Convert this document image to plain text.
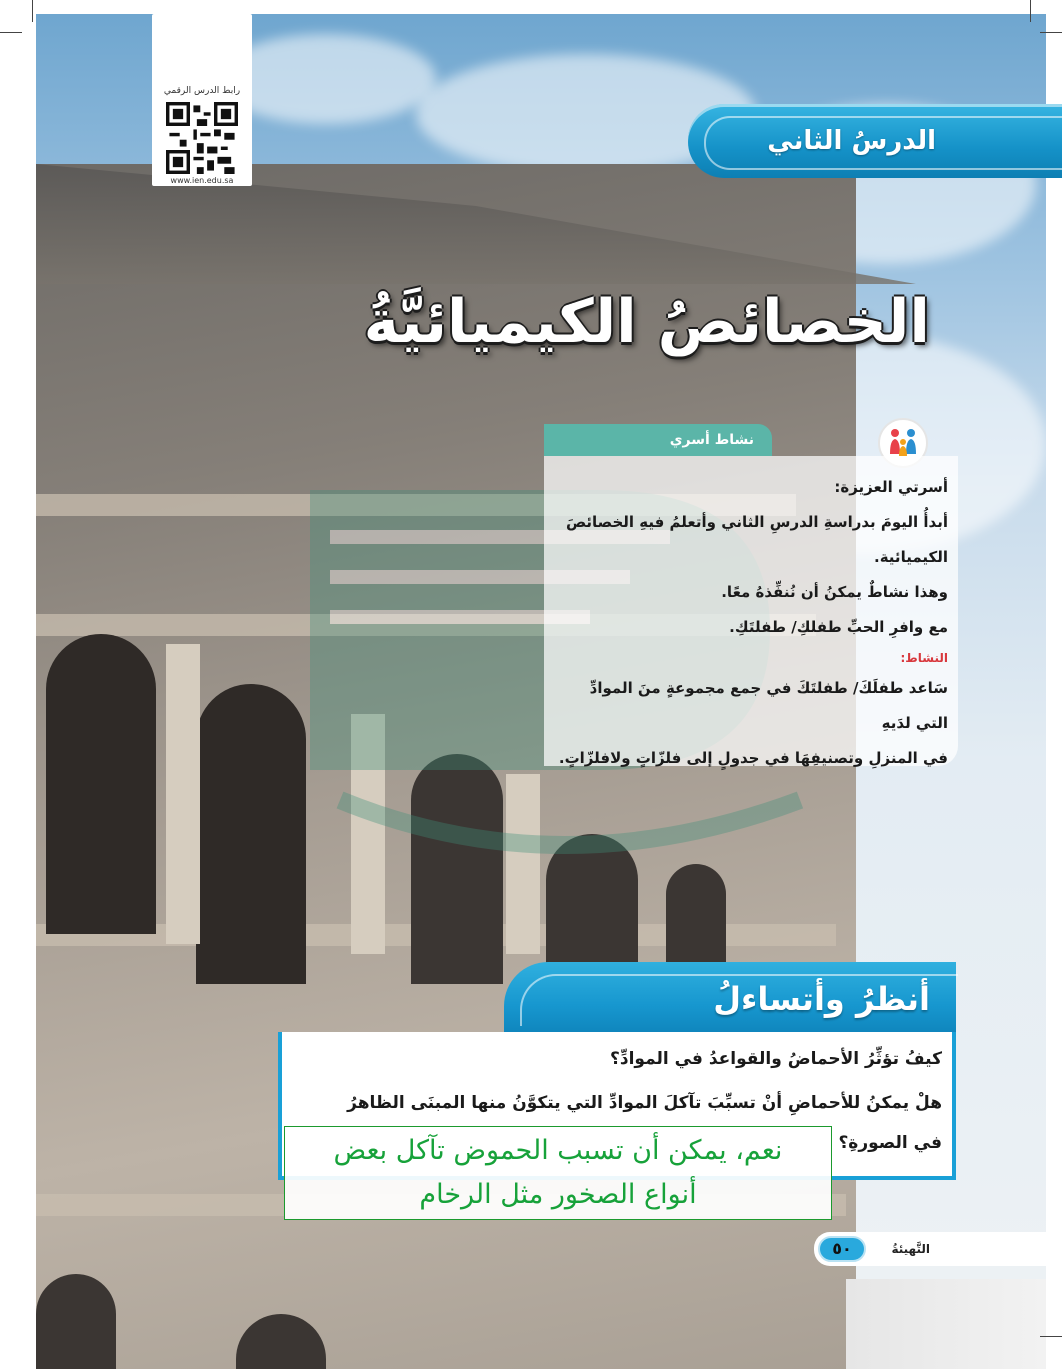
رابط الدرس الرقمي
www.ien.edu.sa
الدرسُ الثاني
الخصائصُ الكيميائيَّةُ
نشاط أسري

أسرتي العزيزة:

أبدأُ اليومَ بدراسةِ الدرسِ الثاني وأتعلمُ فيهِ الخصائصَ

الكيميائية.

وهذا نشاطٌ يمكنُ أن نُنفِّذهُ معًا.

مع وافرِ الحبِّ طفلكِ/ طفلتَكِ.

النشاط:

سَاعد طفلَكَ/ طفلتَكَ في جمع مجموعةٍ منَ الموادِّ التي لدَيهِ

في المنزلِ وتصنيفِهَا في جدولٍ إلى فلزّاتٍ ولافلزّاتٍ.

أنظرُ وأتساءلُ
كيفُ تؤثِّرُ الأحماضُ والقواعدُ في الموادِّ؟
هلْ يمكنُ للأحماضِ أنْ تسبِّبَ تآكلَ الموادِّ التي يتكوَّنُ منها المبنَى الظاهرُ
في الصورةِ؟
نعم، يمكن أن تسبب الحموض تآكل بعض
أنواع الصخور مثل الرخام
٥٠	التَّهيئةُ
